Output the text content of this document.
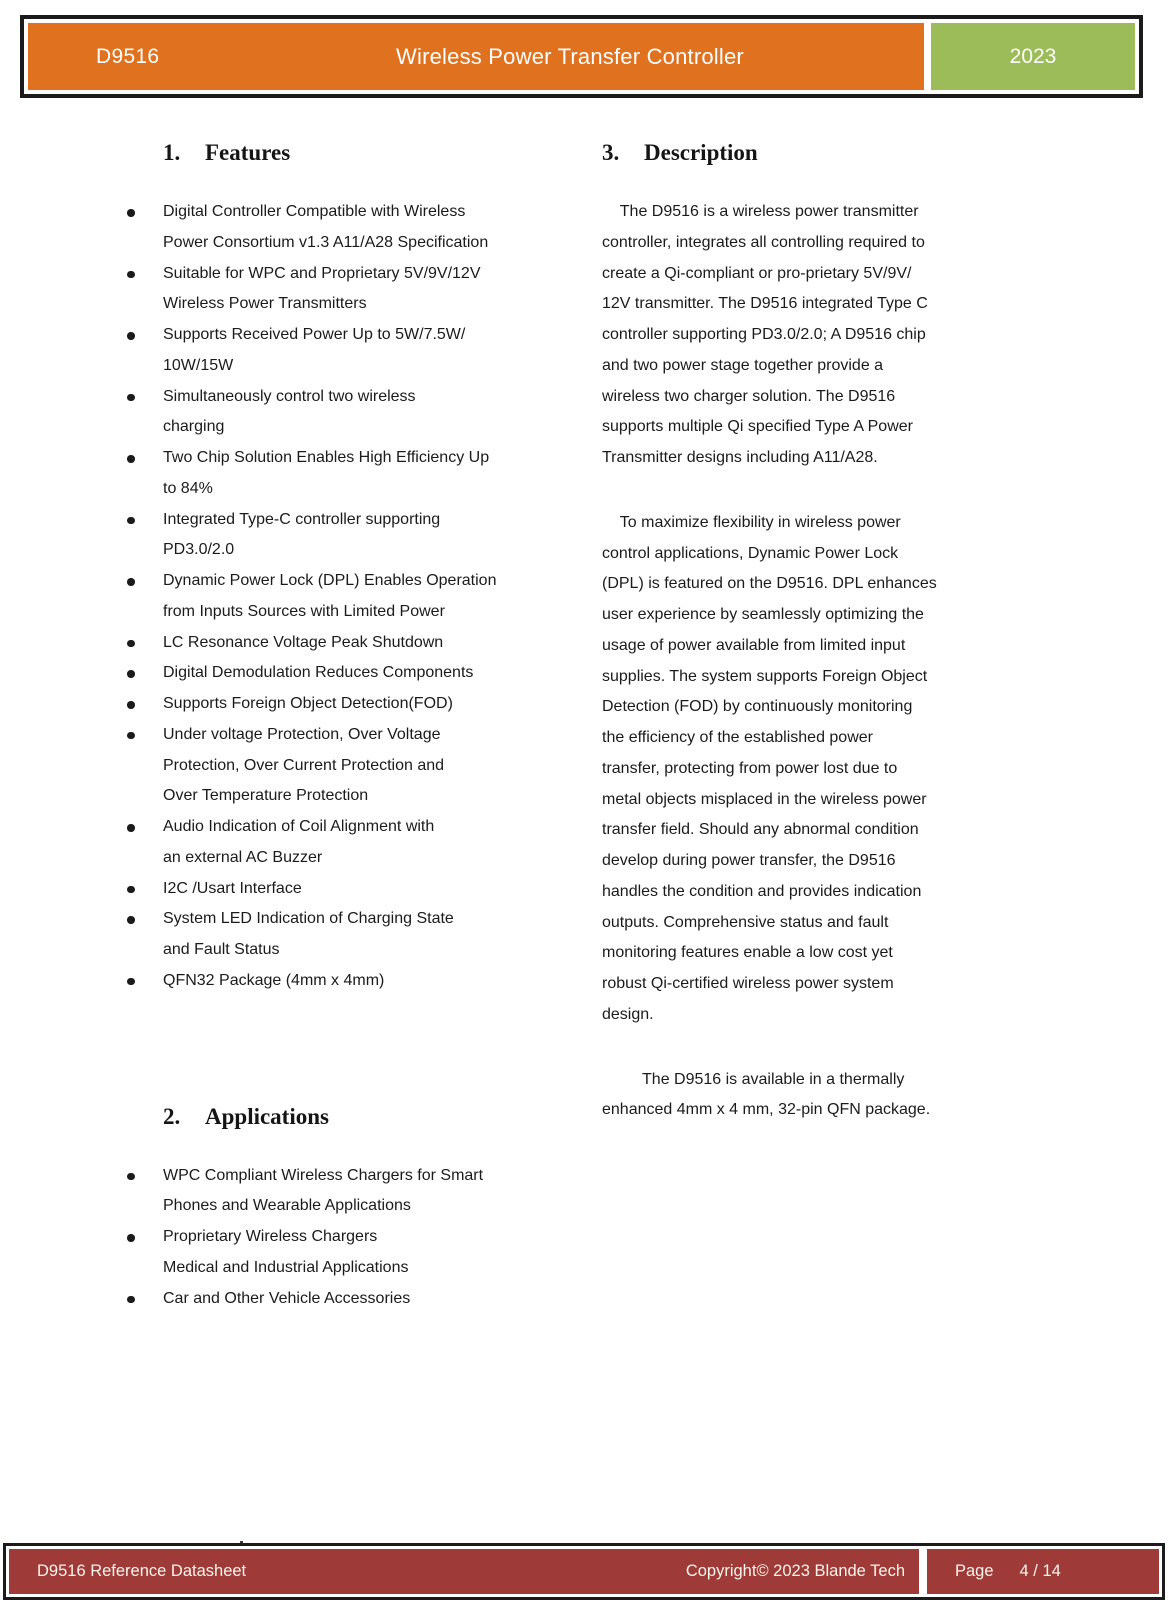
D9516	Wireless Power Transfer Controller	2023
1. Features
Digital Controller Compatible with Wireless
Power Consortium v1.3 A11/A28 Specification
Suitable for WPC and Proprietary 5V/9V/12V
Wireless Power Transmitters
Supports Received Power Up to 5W/7.5W/
10W/15W
Simultaneously control two wireless
charging
Two Chip Solution Enables High Efficiency Up
to 84%
Integrated Type-C controller supporting
PD3.0/2.0
Dynamic Power Lock (DPL) Enables Operation
from Inputs Sources with Limited Power
LC Resonance Voltage Peak Shutdown
Digital Demodulation Reduces Components
Supports Foreign Object Detection(FOD)
Under voltage Protection, Over Voltage
Protection, Over Current Protection and
Over Temperature Protection
Audio Indication of Coil Alignment with
an external AC Buzzer
I2C /Usart Interface
System LED Indication of Charging State
and Fault Status
QFN32 Package (4mm x 4mm)
2. Applications
WPC Compliant Wireless Chargers for Smart
Phones and Wearable Applications
Proprietary Wireless Chargers
Medical and Industrial Applications
Car and Other Vehicle Accessories
3. Description

The D9516 is a wireless power transmitter
controller, integrates all controlling required to
create a Qi-compliant or pro-prietary 5V/9V/
12V transmitter. The D9516 integrated Type C
controller supporting PD3.0/2.0; A D9516 chip
and two power stage together provide a
wireless two charger solution. The D9516
supports multiple Qi specified Type A Power
Transmitter designs including A11/A28.

To maximize flexibility in wireless power
control applications, Dynamic Power Lock
(DPL) is featured on the D9516. DPL enhances
user experience by seamlessly optimizing the
usage of power available from limited input
supplies. The system supports Foreign Object
Detection (FOD) by continuously monitoring
the efficiency of the established power
transfer, protecting from power lost due to
metal objects misplaced in the wireless power
transfer field. Should any abnormal condition
develop during power transfer, the D9516
handles the condition and provides indication
outputs. Comprehensive status and fault
monitoring features enable a low cost yet
robust Qi-certified wireless power system
design.

The D9516 is available in a thermally
enhanced 4mm x 4 mm, 32-pin QFN package.

D9516 Reference Datasheet	Copyright© 2023 Blande Tech	Page 4 / 14
